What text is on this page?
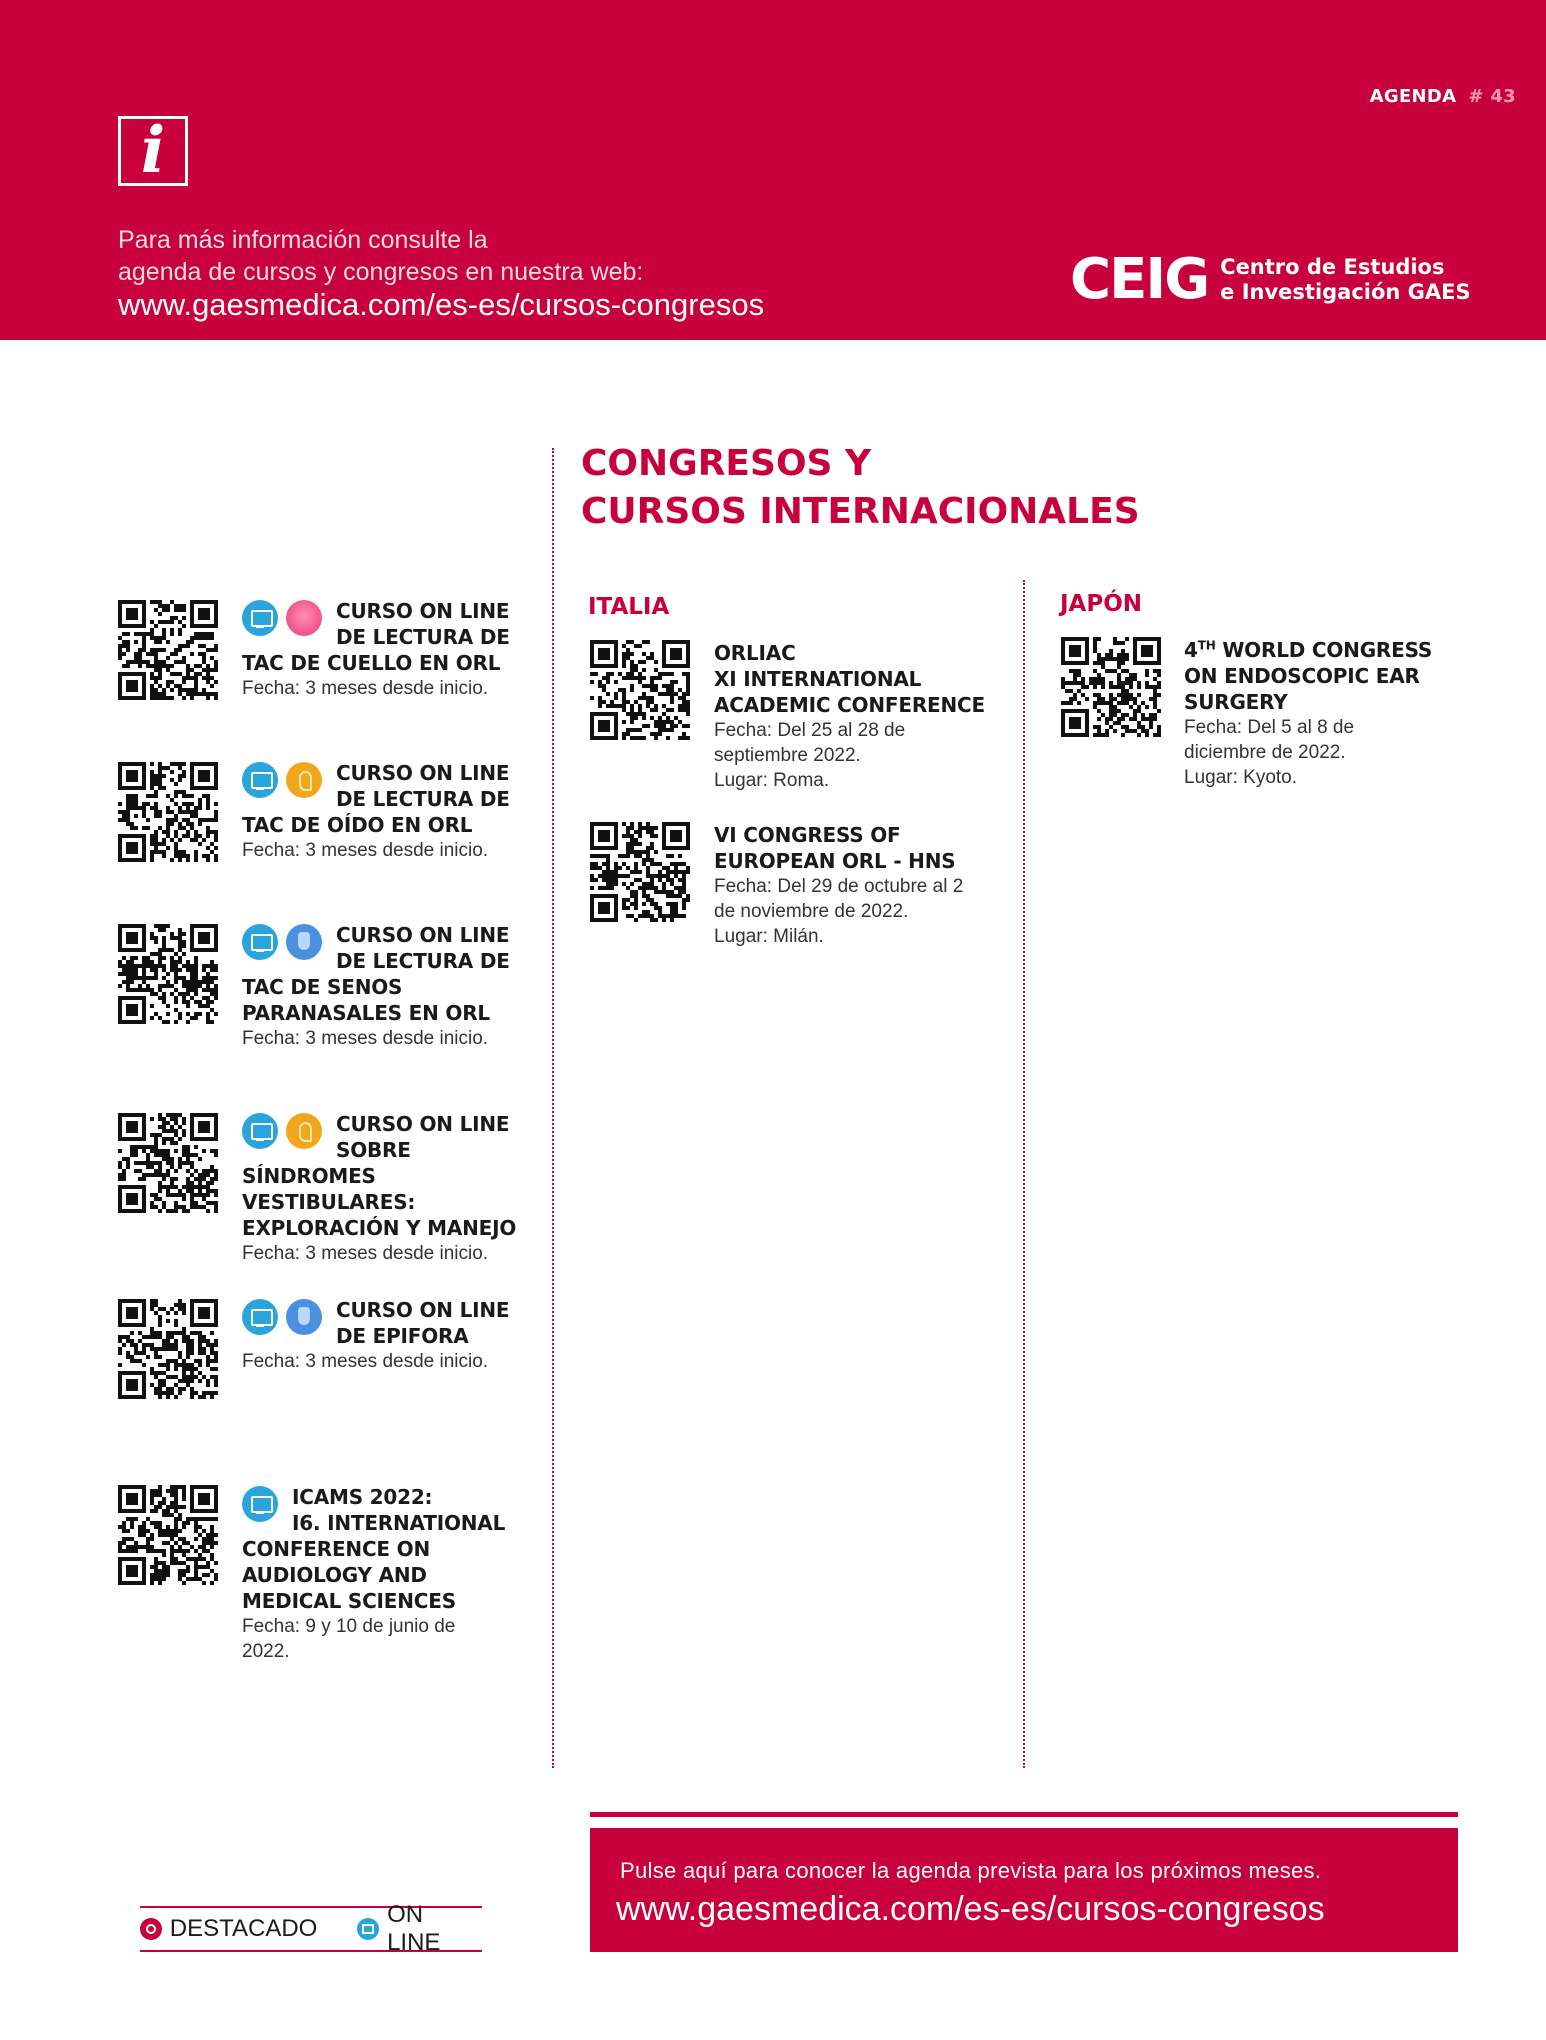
AGENDA # 43
i
Para más información consulte la
agenda de cursos y congresos en nuestra web:
www.gaesmedica.com/es-es/cursos-congresos	CEIG Centro de Estudios
e Investigación GAES
CONGRESOS Y
CURSOS INTERNACIONALES
CURSO ON LINE
DE LECTURA DE
TAC DE CUELLO EN ORL
Fecha: 3 meses desde inicio.
CURSO ON LINE
DE LECTURA DE
TAC DE OÍDO EN ORL
Fecha: 3 meses desde inicio.
CURSO ON LINE
DE LECTURA DE
TAC DE SENOS
PARANASALES EN ORL
Fecha: 3 meses desde inicio.
CURSO ON LINE
SOBRE
SÍNDROMES VESTIBULARES:
EXPLORACIÓN Y MANEJO
Fecha: 3 meses desde inicio.
CURSO ON LINE
DE EPIFORA
Fecha: 3 meses desde inicio.
ICAMS 2022:
I6. INTERNATIONAL
CONFERENCE ON
AUDIOLOGY AND
MEDICAL SCIENCES
Fecha: 9 y 10 de junio de
2022.
ITALIA
ORLIAC
XI INTERNATIONAL
ACADEMIC CONFERENCE
Fecha: Del 25 al 28 de
septiembre 2022.
Lugar: Roma.
VI CONGRESS OF
EUROPEAN ORL - HNS
Fecha: Del 29 de octubre al 2
de noviembre de 2022.
Lugar: Milán.
JAPÓN
4TH WORLD CONGRESS
ON ENDOSCOPIC EAR
SURGERY
Fecha: Del 5 al 8 de
diciembre de 2022.
Lugar: Kyoto.
Pulse aquí para conocer la agenda prevista para los próximos meses.
www.gaesmedica.com/es-es/cursos-congresos
DESTACADO
ON LINE
